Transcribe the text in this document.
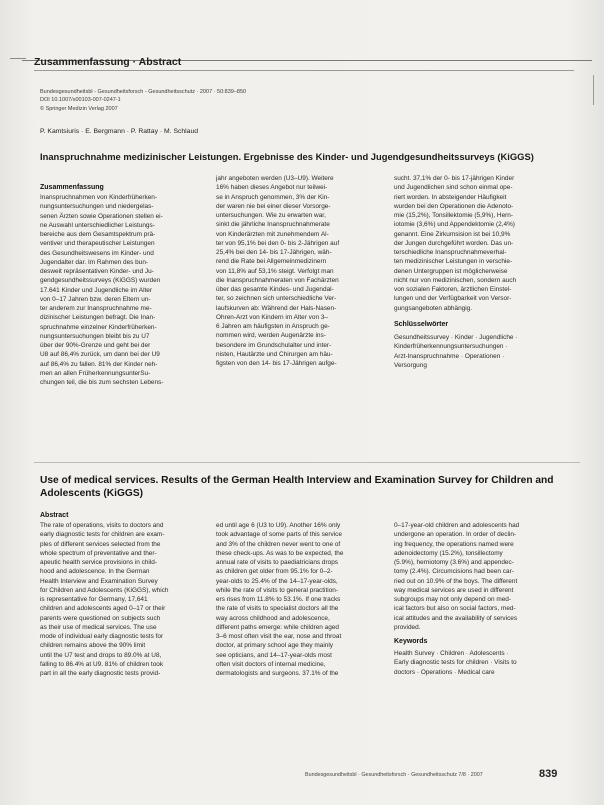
Zusammenfassung · Abstract
Bundesgesundheitsbl - Gesundheitsforsch - Gesundheitsschutz · 2007 · 50:839–850
DOI 10.1007/s00103-007-0247-1
© Springer Medizin Verlag 2007
P. Kamtsiuris · E. Bergmann · P. Rattay · M. Schlaud
Inanspruchnahme medizinischer Leistungen. Ergebnisse des Kinder- und Jugendgesundheitssurveys (KiGGS)
Zusammenfassung
Inanspruchnahmen von Kinderfrüherken-
nungsuntersuchungen und niedergelas-
senen Ärzten sowie Operationen stellen ei-
ne Auswahl unterschiedlicher Leistungs-
bereiche aus dem Gesamtspektrum prä-
ventiver und therapeutischer Leistungen
des Gesundheitswesens im Kinder- und
Jugendalter dar. Im Rahmen des bun-
desweit repräsentativen Kinder- und Ju-
gendgesundheitssurveys (KiGGS) wurden
17.641 Kinder und Jugendliche im Alter
von 0–17 Jahren bzw. deren Eltern un-
ter anderem zur Inanspruchnahme me-
dizinischer Leistungen befragt. Die Inan-
spruchnahme einzelner Kinderfrüherken-
nungsuntersuchungen bleibt bis zu U7
über der 90%-Grenze und geht bei der
U8 auf 86,4% zurück, um dann bei der U9
auf 86,4% zu fallen. 81% der Kinder neh-
men an allen FrüherkennungsunterSu-
chungen teil, die bis zum sechsten Lebens-
jahr angeboten werden (U3–U9). Weitere
16% haben dieses Angebot nur teilwei-
se in Anspruch genommen, 3% der Kin-
der waren nie bei einer dieser Vorsorge-
untersuchungen. Wie zu erwarten war,
sinkt die jährliche Inanspruchnahmerate
von Kinderärzten mit zunehmendem Al-
ter von 95,1% bei den 0- bis 2-Jährigen auf
25,4% bei den 14- bis 17-Jährigen, wäh-
rend die Rate bei Allgemeinmedizinern
von 11,8% auf 53,1% steigt. Verfolgt man
die Inanspruchnahmeraten von Fachärzten
über das gesamte Kindes- und Jugendal-
ter, so zeichnen sich unterschiedliche Ver-
laufskurven ab: Während der Hals-Nasen-
Ohren-Arzt von Kindern im Alter von 3–
6 Jahren am häufigsten in Anspruch ge-
nommen wird, werden Augenärzte ins-
besondere im Grundschulalter und inter-
nisten, Hautärzte und Chirurgen am häu-
figsten von den 14- bis 17-Jährigen aufge-
sucht. 37,1% der 0- bis 17-jährigen Kinder
und Jugendlichen sind schon einmal ope-
riert worden. In absteigender Häufigkeit
wurden bei den Operationen die Adenoto-
mie (15,2%), Tonsillektomie (5,9%), Hern-
iotomie (3,6%) und Appendektomie (2,4%)
genannt. Eine Zirkumsision ist bei 10,9%
der Jungen durchgeführt worden. Das un-
terschiedliche Inanspruchnahmeverhal-
ten medizinischer Leistungen in verschie-
denen Untergruppen ist möglicherweise
nicht nur von medizinischen, sondern auch
von sozialen Faktoren, ärztlichen Einstel-
lungen und der Verfügbarkeit von Versor-
gungsangeboten abhängig.
Schlüsselwörter
Gesundheitssurvey · Kinder · Jugendliche ·
Kinderfrüherkennungsuntersuchungen ·
Arzt-Inanspruchnahme · Operationen ·
Versorgung
Use of medical services. Results of the German Health Interview and Examination Survey for Children and Adolescents (KiGGS)
Abstract
The rate of operations, visits to doctors and
early diagnostic tests for children are exam-
ples of different services selected from the
whole spectrum of preventative and ther-
apeutic health service provisions in child-
hood and adolescence. In the German
Health Interview and Examination Survey
for Children and Adolescents (KiGGS), which
is representative for Germany, 17,641
children and adolescents aged 0–17 or their
parents were questioned on subjects such
as their use of medical services. The use
mode of individual early diagnostic tests for
children remains above the 90% limit
until the U7 test and drops to 89.0% at U8,
falling to 86.4% at U9. 81% of children took
part in all the early diagnostic tests provid-
ed until age 6 (U3 to U9). Another 16% only
took advantage of some parts of this service
and 3% of the children never went to one of
these check-ups. As was to be expected, the
annual rate of visits to paediatricians drops
as children get older from 95.1% for 0–2-
year-olds to 25.4% of the 14–17-year-olds,
while the rate of visits to general practition-
ers rises from 11.8% to 53.1%. If one tracks
the rate of visits to specialist doctors all the
way across childhood and adolescence,
different paths emerge: while children aged
3–6 most often visit the ear, nose and throat
doctor, at primary school age they mainly
see opticians, and 14–17-year-olds most
often visit doctors of internal medicine,
dermatologists and surgeons. 37.1% of the
0–17-year-old children and adolescents had
undergone an operation. In order of declin-
ing frequency, the operations named were
adenoidectomy (15.2%), tonsillectomy
(5.9%), herniotomy (3.6%) and appendec-
tomy (2.4%). Circumcisions had been car-
ried out on 10.9% of the boys. The different
way medical services are used in different
subgroups may not only depend on med-
ical factors but also on social factors, med-
ical attitudes and the availability of services
provided.
Keywords
Health Survey · Children · Adolescents ·
Early diagnostic tests for children · Visits to
doctors · Operations · Medical care
Bundesgesundheitsbl · Gesundheitsforsch · Gesundheitsschutz 7/8 · 2007	839
